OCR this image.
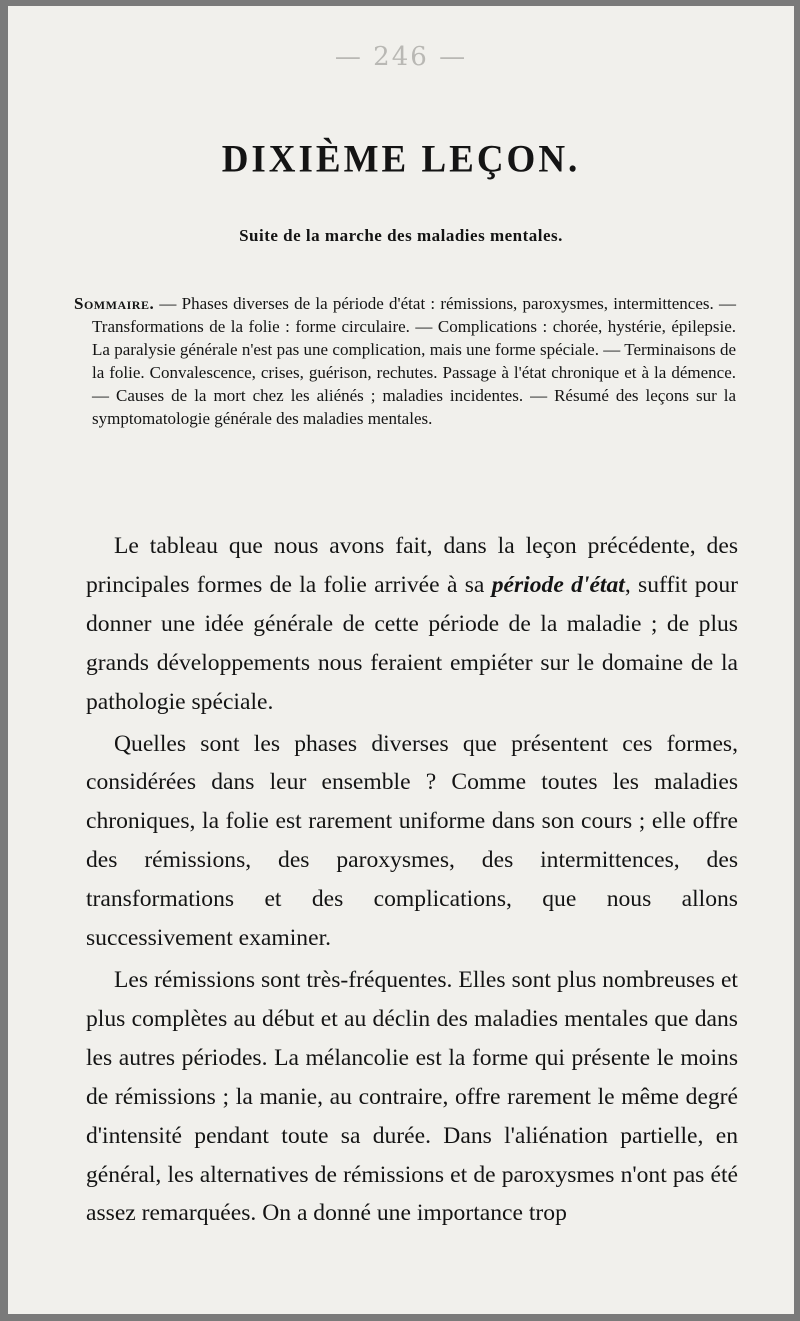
— 246 —
DIXIÈME LEÇON.
Suite de la marche des maladies mentales.
Sommaire. — Phases diverses de la période d'état : rémissions, paroxysmes, intermittences. — Transformations de la folie : forme circulaire. — Complications : chorée, hystérie, épilepsie. La paralysie générale n'est pas une complication, mais une forme spéciale. — Terminaisons de la folie. Convalescence, crises, guérison, rechutes. Passage à l'état chronique et à la démence. — Causes de la mort chez les aliénés ; maladies incidentes. — Résumé des leçons sur la symptomatologie générale des maladies mentales.

Le tableau que nous avons fait, dans la leçon précédente, des principales formes de la folie arrivée à sa période d'état, suffit pour donner une idée générale de cette période de la maladie ; de plus grands développements nous feraient empiéter sur le domaine de la pathologie spéciale.

Quelles sont les phases diverses que présentent ces formes, considérées dans leur ensemble ? Comme toutes les maladies chroniques, la folie est rarement uniforme dans son cours ; elle offre des rémissions, des paroxysmes, des intermittences, des transformations et des complications, que nous allons successivement examiner.

Les rémissions sont très-fréquentes. Elles sont plus nombreuses et plus complètes au début et au déclin des maladies mentales que dans les autres périodes. La mélancolie est la forme qui présente le moins de rémissions ; la manie, au contraire, offre rarement le même degré d'intensité pendant toute sa durée. Dans l'aliénation partielle, en général, les alternatives de rémissions et de paroxysmes n'ont pas été assez remarquées. On a donné une importance trop
